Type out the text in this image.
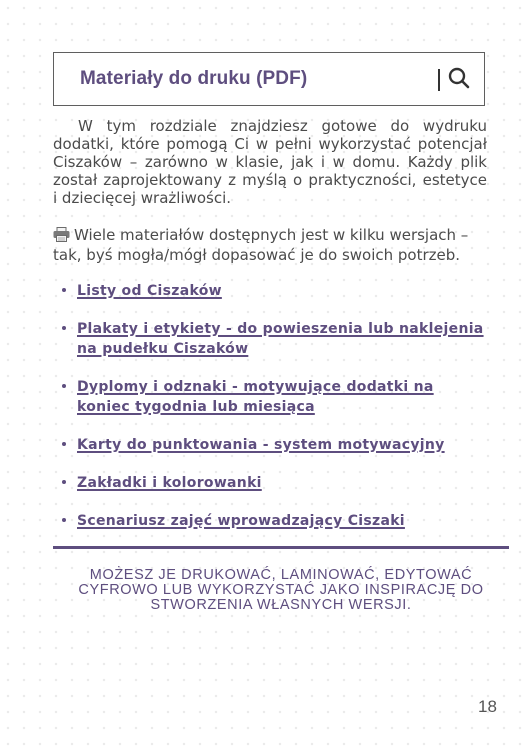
Materiały do druku (PDF)

W tym rozdziale znajdziesz gotowe do wydruku dodatki, które pomogą Ci w pełni wykorzystać potencjał Ciszaków – zarówno w klasie, jak i w domu. Każdy plik został zaprojektowany z myślą o praktyczności, estetyce i dziecięcej wrażliwości.

Wiele materiałów dostępnych jest w kilku wersjach – tak, byś mogła/mógł dopasować je do swoich potrzeb.

Listy od Ciszaków
Plakaty i etykiety - do powieszenia lub naklejenia na pudełku Ciszaków
Dyplomy i odznaki - motywujące dodatki na koniec tygodnia lub miesiąca
Karty do punktowania - system motywacyjny
Zakładki i kolorowanki
Scenariusz zajęć wprowadzający Ciszaki

MOŻESZ JE DRUKOWAĆ, LAMINOWAĆ, EDYTOWAĆ CYFROWO LUB WYKORZYSTAĆ JAKO INSPIRACJĘ DO STWORZENIA WŁASNYCH WERSJI.

18
